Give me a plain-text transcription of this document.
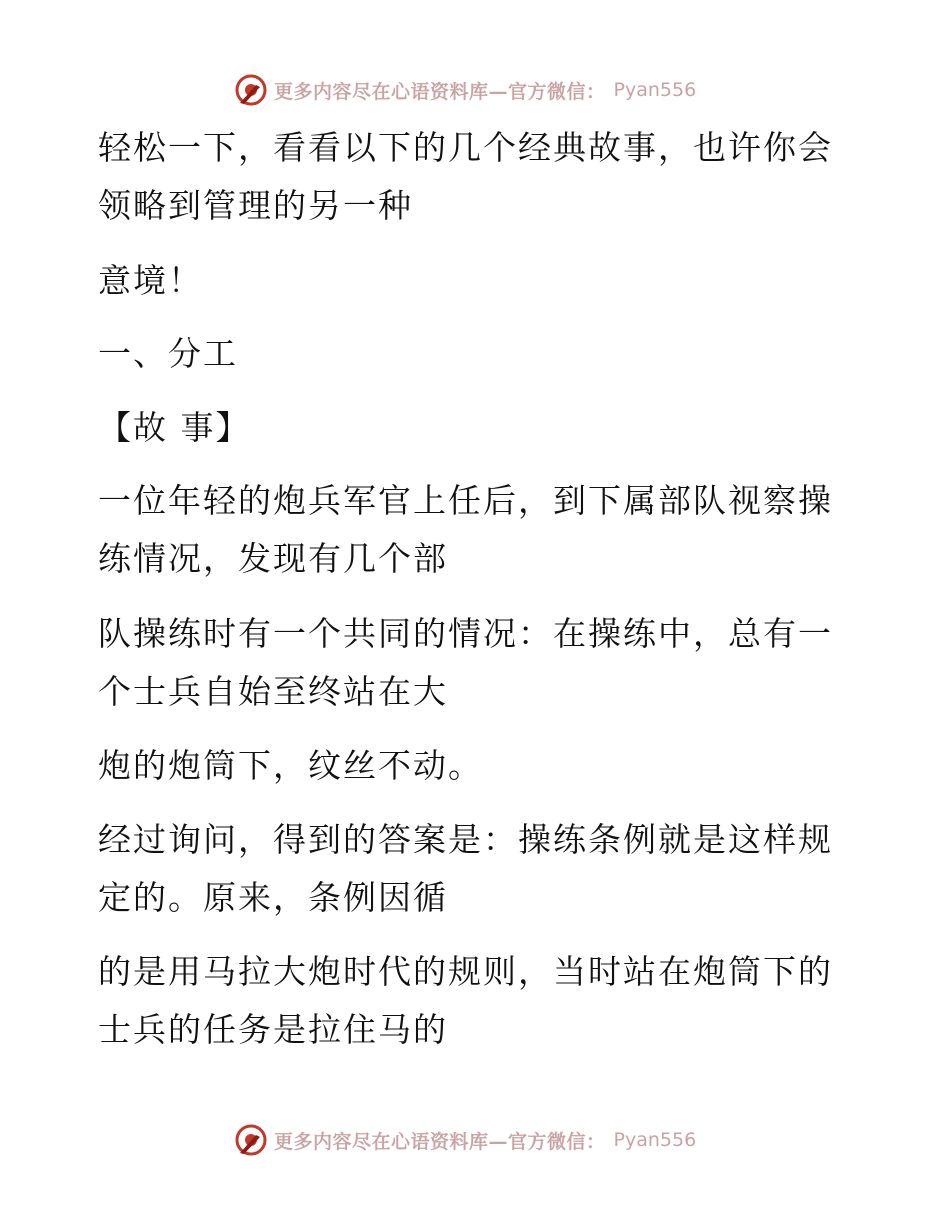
更多内容尽在心语资料库—官方微信： Pyan556
轻松一下，看看以下的几个经典故事，也许你会
领略到管理的另一种
意境！
一、分工
【故 事】
一位年轻的炮兵军官上任后，到下属部队视察操
练情况，发现有几个部
队操练时有一个共同的情况：在操练中，总有一
个士兵自始至终站在大
炮的炮筒下，纹丝不动。
经过询问，得到的答案是：操练条例就是这样规
定的。原来，条例因循
的是用马拉大炮时代的规则，当时站在炮筒下的
士兵的任务是拉住马的
更多内容尽在心语资料库—官方微信： Pyan556
